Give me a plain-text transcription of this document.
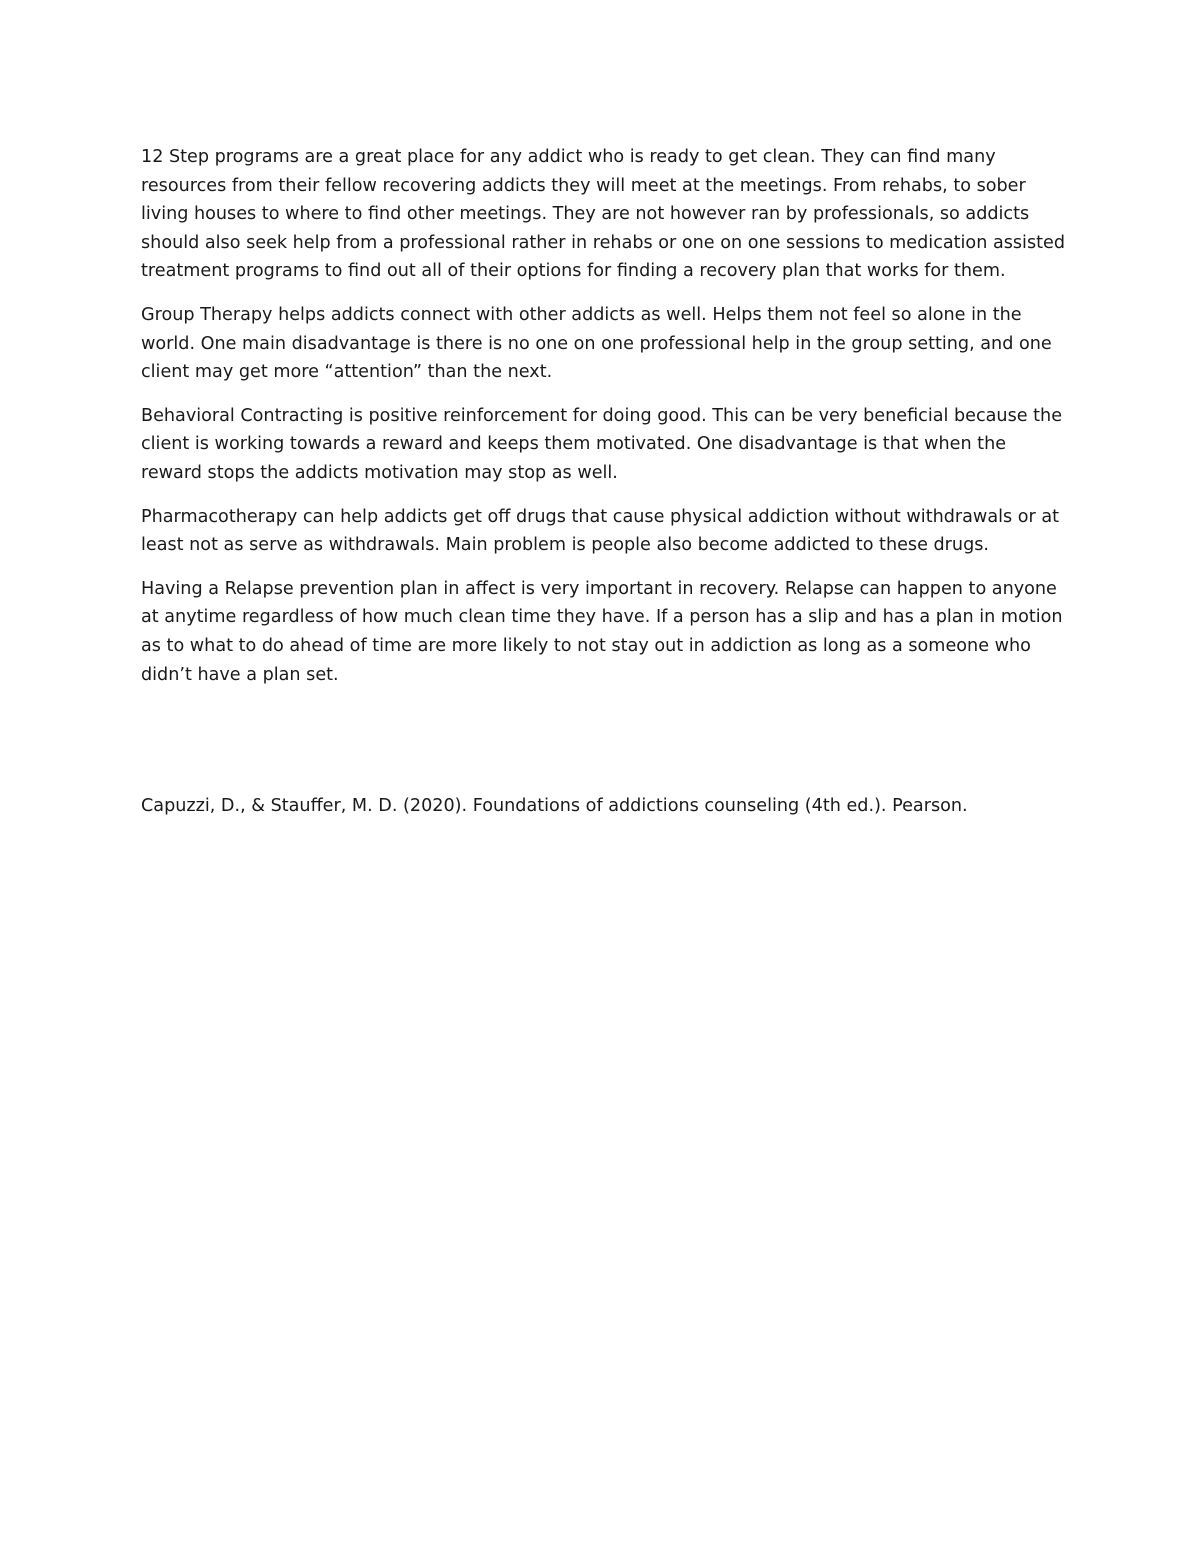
12 Step programs are a great place for any addict who is ready to get clean. They can find many
resources from their fellow recovering addicts they will meet at the meetings. From rehabs, to sober
living houses to where to find other meetings. They are not however ran by professionals, so addicts
should also seek help from a professional rather in rehabs or one on one sessions to medication assisted
treatment programs to find out all of their options for finding a recovery plan that works for them.

Group Therapy helps addicts connect with other addicts as well. Helps them not feel so alone in the
world. One main disadvantage is there is no one on one professional help in the group setting, and one
client may get more “attention” than the next.

Behavioral Contracting is positive reinforcement for doing good. This can be very beneficial because the
client is working towards a reward and keeps them motivated. One disadvantage is that when the
reward stops the addicts motivation may stop as well.

Pharmacotherapy can help addicts get off drugs that cause physical addiction without withdrawals or at
least not as serve as withdrawals. Main problem is people also become addicted to these drugs.

Having a Relapse prevention plan in affect is very important in recovery. Relapse can happen to anyone
at anytime regardless of how much clean time they have. If a person has a slip and has a plan in motion
as to what to do ahead of time are more likely to not stay out in addiction as long as a someone who
didn’t have a plan set.

Capuzzi, D., & Stauffer, M. D. (2020). Foundations of addictions counseling (4th ed.). Pearson.
